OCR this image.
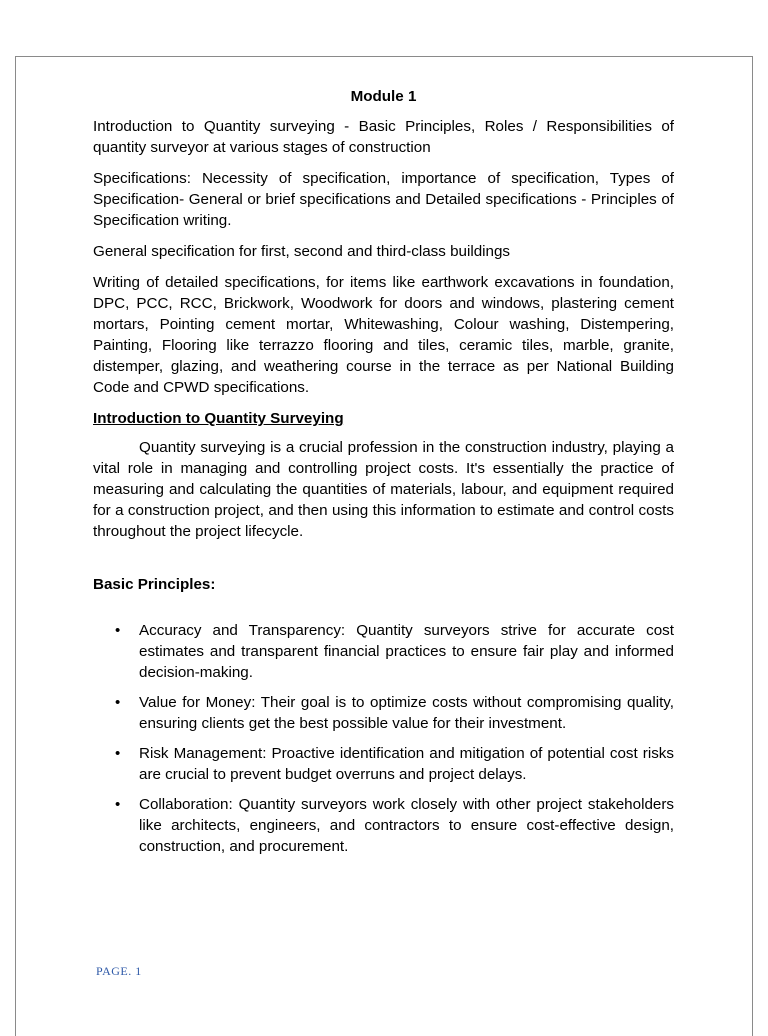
Module 1

Introduction to Quantity surveying - Basic Principles, Roles / Responsibilities of quantity surveyor at various stages of construction

Specifications: Necessity of specification, importance of specification, Types of Specification- General or brief specifications and Detailed specifications - Principles of Specification writing.

General specification for first, second and third-class buildings

Writing of detailed specifications, for items like earthwork excavations in foundation, DPC, PCC, RCC, Brickwork, Woodwork for doors and windows, plastering cement mortars, Pointing cement mortar, Whitewashing, Colour washing, Distempering, Painting, Flooring like terrazzo flooring and tiles, ceramic tiles, marble, granite, distemper, glazing, and weathering course in the terrace as per National Building Code and CPWD specifications.

Introduction to Quantity Surveying

Quantity surveying is a crucial profession in the construction industry, playing a vital role in managing and controlling project costs. It's essentially the practice of measuring and calculating the quantities of materials, labour, and equipment required for a construction project, and then using this information to estimate and control costs throughout the project lifecycle.

Basic Principles:
• Accuracy and Transparency: Quantity surveyors strive for accurate cost estimates and transparent financial practices to ensure fair play and informed decision-making.
• Value for Money: Their goal is to optimize costs without compromising quality, ensuring clients get the best possible value for their investment.
• Risk Management: Proactive identification and mitigation of potential cost risks are crucial to prevent budget overruns and project delays.
• Collaboration: Quantity surveyors work closely with other project stakeholders like architects, engineers, and contractors to ensure cost-effective design, construction, and procurement.
PAGE. 1
